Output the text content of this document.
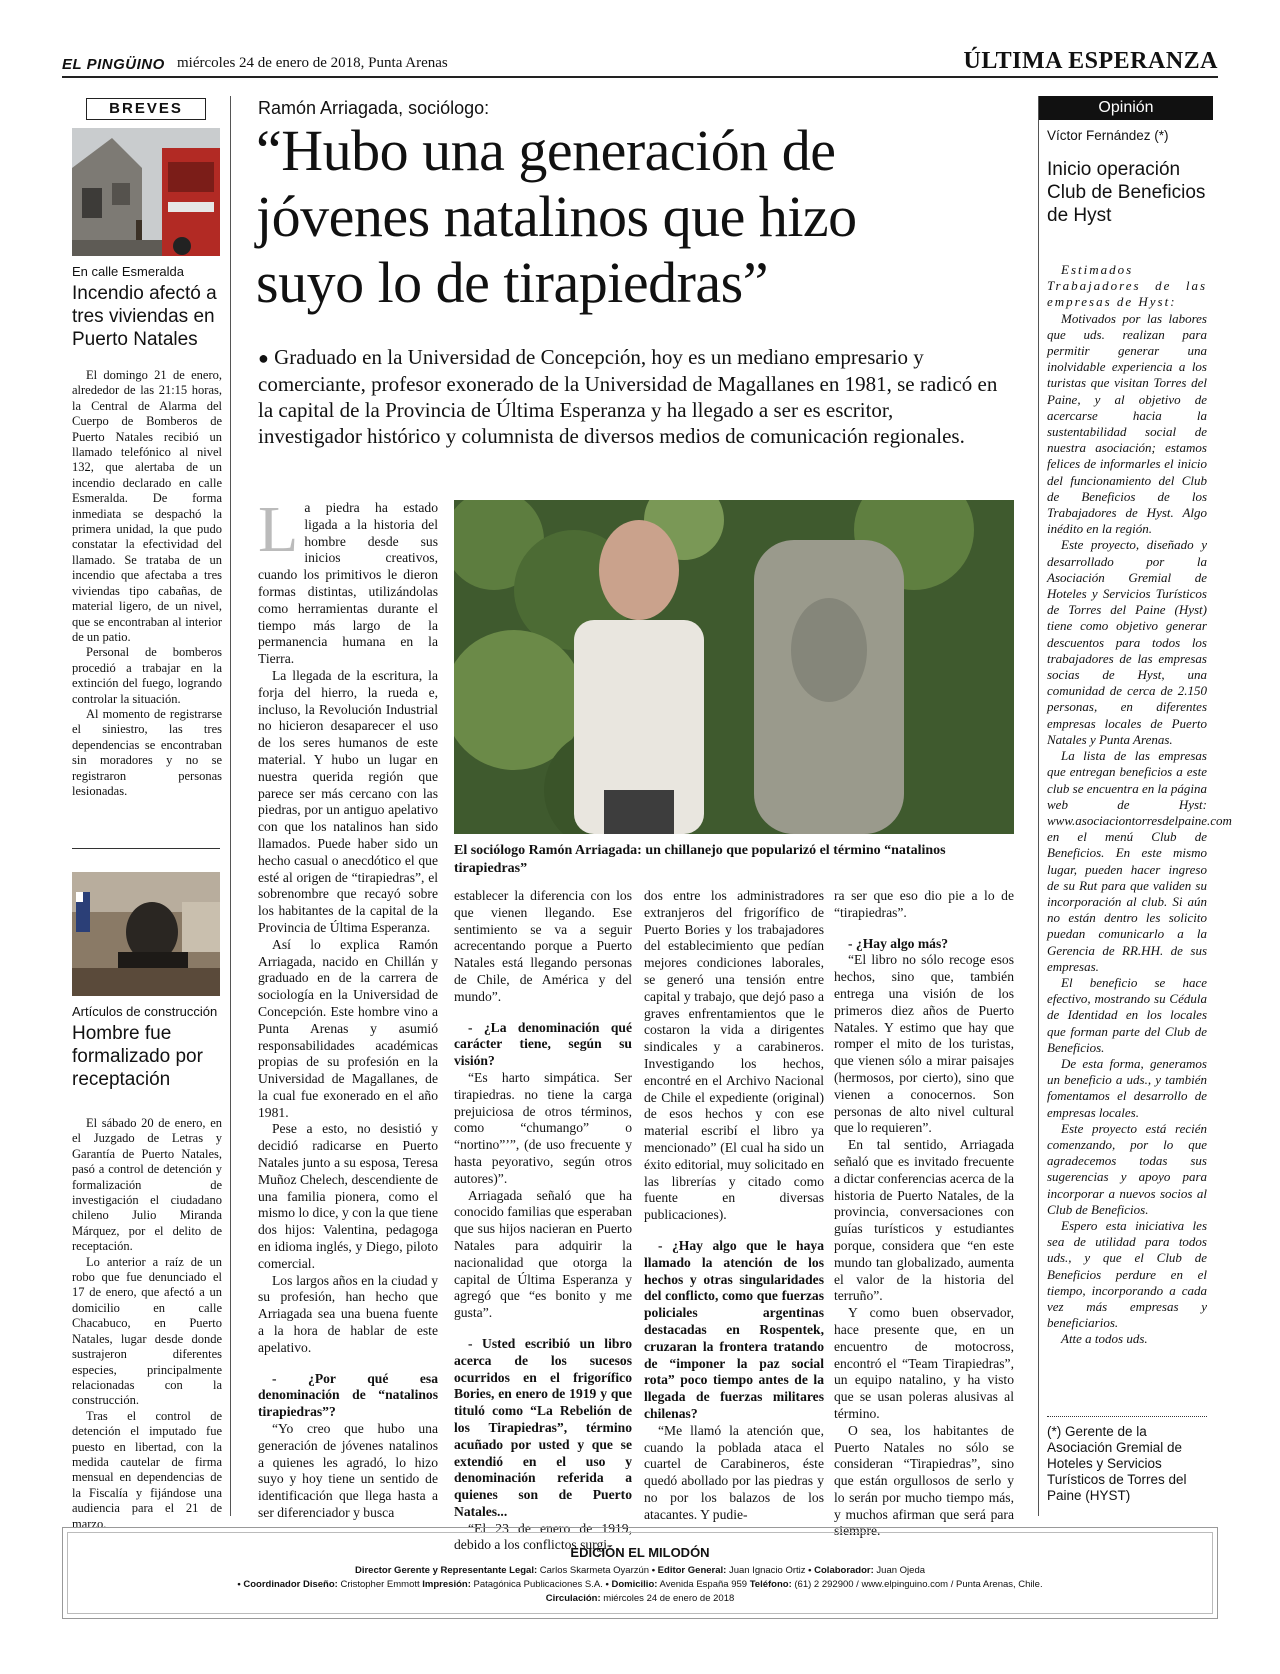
EL PINGÜINO miércoles 24 de enero de 2018, Punta Arenas	ÚLTIMA ESPERANZA
BREVES
En calle Esmeralda
Incendio afectó a tres viviendas en Puerto Natales

El domingo 21 de enero, alrededor de las 21:15 horas, la Central de Alarma del Cuerpo de Bomberos de Puerto Natales recibió un llamado telefónico al nivel 132, que alertaba de un incendio declarado en calle Esmeralda. De forma inmediata se despachó la primera unidad, la que pudo constatar la efectividad del llamado. Se trataba de un incendio que afectaba a tres viviendas tipo cabañas, de material ligero, de un nivel, que se encontraban al interior de un patio.

Personal de bomberos procedió a trabajar en la extinción del fuego, logrando controlar la situación.

Al momento de registrarse el siniestro, las tres dependencias se encontraban sin moradores y no se registraron personas lesionadas.

Artículos de construcción
Hombre fue formalizado por receptación

El sábado 20 de enero, en el Juzgado de Letras y Garantía de Puerto Natales, pasó a control de detención y formalización de investigación el ciudadano chileno Julio Miranda Márquez, por el delito de receptación.

Lo anterior a raíz de un robo que fue denunciado el 17 de enero, que afectó a un domicilio en calle Chacabuco, en Puerto Natales, lugar desde donde sustrajeron diferentes especies, principalmente relacionadas con la construcción.

Tras el control de detención el imputado fue puesto en libertad, con la medida cautelar de firma mensual en dependencias de la Fiscalía y fijándose una audiencia para el 21 de marzo.

Ramón Arriagada, sociólogo:
“Hubo una generación de jóvenes natalinos que hizo suyo lo de tirapiedras”
● Graduado en la Universidad de Concepción, hoy es un mediano empresario y comerciante, profesor exonerado de la Universidad de Magallanes en 1981, se radicó en la capital de la Provincia de Última Esperanza y ha llegado a ser es escritor, investigador histórico y columnista de diversos medios de comunicación regionales.
L a piedra ha estado ligada a la historia del hombre desde sus inicios creativos, cuando los primitivos le dieron formas distintas, utilizándolas como herramientas durante el tiempo más largo de la permanencia humana en la Tierra.

La llegada de la escritura, la forja del hierro, la rueda e, incluso, la Revolución Industrial no hicieron desaparecer el uso de los seres humanos de este material. Y hubo un lugar en nuestra querida región que parece ser más cercano con las piedras, por un antiguo apelativo con que los natalinos han sido llamados. Puede haber sido un hecho casual o anecdótico el que esté al origen de “tirapiedras”, el sobrenombre que recayó sobre los habitantes de la capital de la Provincia de Última Esperanza.

Así lo explica Ramón Arriagada, nacido en Chillán y graduado en de la carrera de sociología en la Universidad de Concepción. Este hombre vino a Punta Arenas y asumió responsabilidades académicas propias de su profesión en la Universidad de Magallanes, de la cual fue exonerado en el año 1981.

Pese a esto, no desistió y decidió radicarse en Puerto Natales junto a su esposa, Teresa Muñoz Chelech, descendiente de una familia pionera, como el mismo lo dice, y con la que tiene dos hijos: Valentina, pedagoga en idioma inglés, y Diego, piloto comercial.

Los largos años en la ciudad y su profesión, han hecho que Arriagada sea una buena fuente a la hora de hablar de este apelativo.

- ¿Por qué esa denominación de “natalinos tirapiedras”?

“Yo creo que hubo una generación de jóvenes natalinos a quienes les agradó, lo hizo suyo y hoy tiene un sentido de identificación que llega hasta a ser diferenciador y busca

El sociólogo Ramón Arriagada: un chillanejo que popularizó el término “natalinos tirapiedras”

establecer la diferencia con los que vienen llegando. Ese sentimiento se va a seguir acrecentando porque a Puerto Natales está llegando personas de Chile, de América y del mundo”.

- ¿La denominación qué carácter tiene, según su visión?

“Es harto simpática. Ser tirapiedras. no tiene la carga prejuiciosa de otros términos, como “chumango” o “nortino”’”, (de uso frecuente y hasta peyorativo, según otros autores)”.

Arriagada señaló que ha conocido familias que esperaban que sus hijos nacieran en Puerto Natales para adquirir la nacionalidad que otorga la capital de Última Esperanza y agregó que “es bonito y me gusta”.

- Usted escribió un libro acerca de los sucesos ocurridos en el frigorífico Bories, en enero de 1919 y que tituló como “La Rebelión de los Tirapiedras”, término acuñado por usted y que se extendió en el uso y denominación referida a quienes son de Puerto Natales...

“El 23 de enero de 1919, debido a los conflictos surgi-

dos entre los administradores extranjeros del frigorífico de Puerto Bories y los trabajadores del establecimiento que pedían mejores condiciones laborales, se generó una tensión entre capital y trabajo, que dejó paso a graves enfrentamientos que le costaron la vida a dirigentes sindicales y a carabineros. Investigando los hechos, encontré en el Archivo Nacional de Chile el expediente (original) de esos hechos y con ese material escribí el libro ya mencionado” (El cual ha sido un éxito editorial, muy solicitado en las librerías y citado como fuente en diversas publicaciones).

- ¿Hay algo que le haya llamado la atención de los hechos y otras singularidades del conflicto, como que fuerzas policiales argentinas destacadas en Rospentek, cruzaran la frontera tratando de “imponer la paz social rota” poco tiempo antes de la llegada de fuerzas militares chilenas?

“Me llamó la atención que, cuando la poblada ataca el cuartel de Carabineros, éste quedó abollado por las piedras y no por los balazos de los atacantes. Y pudie-

ra ser que eso dio pie a lo de “tirapiedras”.

- ¿Hay algo más?

“El libro no sólo recoge esos hechos, sino que, también entrega una visión de los primeros diez años de Puerto Natales. Y estimo que hay que romper el mito de los turistas, que vienen sólo a mirar paisajes (hermosos, por cierto), sino que vienen a conocernos. Son personas de alto nivel cultural que lo requieren”.

En tal sentido, Arriagada señaló que es invitado frecuente a dictar conferencias acerca de la historia de Puerto Natales, de la provincia, conversaciones con guías turísticos y estudiantes porque, considera que “en este mundo tan globalizado, aumenta el valor de la historia del terruño”.

Y como buen observador, hace presente que, en un encuentro de motocross, encontró el “Team Tirapiedras”, un equipo natalino, y ha visto que se usan poleras alusivas al término.

O sea, los habitantes de Puerto Natales no sólo se consideran “Tirapiedras”, sino que están orgullosos de serlo y lo serán por mucho tiempo más, y muchos afirman que será para siempre.

Opinión
Víctor Fernández (*)
Inicio operación Club de Beneficios de Hyst

Estimados Trabajadores de las empresas de Hyst:

Motivados por las labores que uds. realizan para permitir generar una inolvidable experiencia a los turistas que visitan Torres del Paine, y al objetivo de acercarse hacia la sustentabilidad social de nuestra asociación; estamos felices de informarles el inicio del funcionamiento del Club de Beneficios de los Trabajadores de Hyst. Algo inédito en la región.

Este proyecto, diseñado y desarrollado por la Asociación Gremial de Hoteles y Servicios Turísticos de Torres del Paine (Hyst) tiene como objetivo generar descuentos para todos los trabajadores de las empresas socias de Hyst, una comunidad de cerca de 2.150 personas, en diferentes empresas locales de Puerto Natales y Punta Arenas.

La lista de las empresas que entregan beneficios a este club se encuentra en la página web de Hyst: www.asociaciontorresdelpaine.com en el menú Club de Beneficios. En este mismo lugar, pueden hacer ingreso de su Rut para que validen su incorporación al club. Si aún no están dentro les solicito puedan comunicarlo a la Gerencia de RR.HH. de sus empresas.

El beneficio se hace efectivo, mostrando su Cédula de Identidad en los locales que forman parte del Club de Beneficios.

De esta forma, generamos un beneficio a uds., y también fomentamos el desarrollo de empresas locales.

Este proyecto está recién comenzando, por lo que agradecemos todas sus sugerencias y apoyo para incorporar a nuevos socios al Club de Beneficios.

Espero esta iniciativa les sea de utilidad para todos uds., y que el Club de Beneficios perdure en el tiempo, incorporando a cada vez más empresas y beneficiarios.

Atte a todos uds.

(*) Gerente de la Asociación Gremial de Hoteles y Servicios Turísticos de Torres del Paine (HYST)
EDICIÓN EL MILODÓN
Director Gerente y Representante Legal: Carlos Skarmeta Oyarzún • Editor General: Juan Ignacio Ortiz • Colaborador: Juan Ojeda
• Coordinador Diseño: Cristopher Emmott Impresión: Patagónica Publicaciones S.A. • Domicilio: Avenida España 959 Teléfono: (61) 2 292900 / www.elpinguino.com / Punta Arenas, Chile.
Circulación: miércoles 24 de enero de 2018
